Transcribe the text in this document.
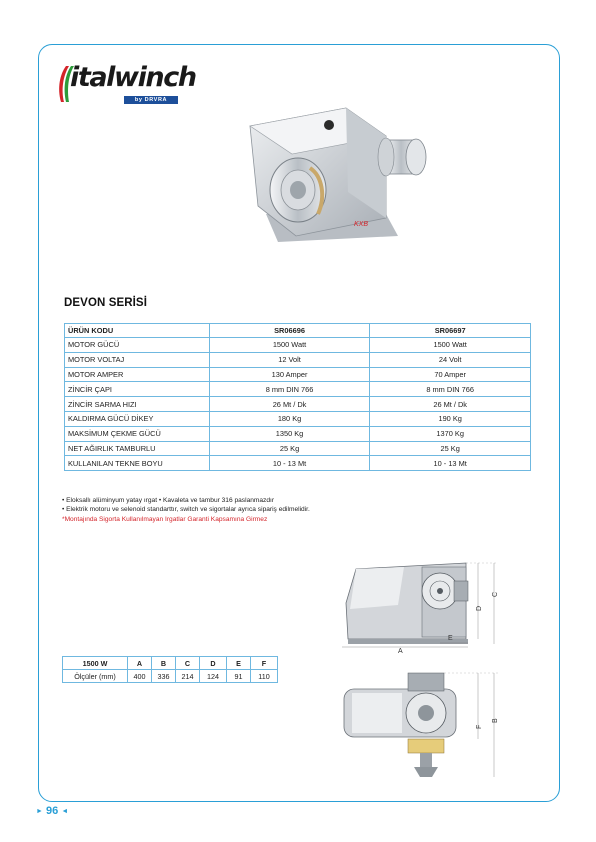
italwinch
by DRVRA
KXB
DEVON SERİSİ
ÜRÜN KODU	SR06696	SR06697
MOTOR GÜCÜ	1500 Watt	1500 Watt
MOTOR VOLTAJ	12 Volt	24 Volt
MOTOR AMPER	130 Amper	70 Amper
ZİNCİR ÇAPI	8 mm DIN 766	8 mm DIN 766
ZİNCİR SARMA HIZI	26 Mt / Dk	26 Mt / Dk
KALDIRMA GÜCÜ DİKEY	180 Kg	190 Kg
MAKSİMUM ÇEKME GÜCÜ	1350 Kg	1370 Kg
NET AĞIRLIK TAMBURLU	25 Kg	25 Kg
KULLANILAN TEKNE BOYU	10 - 13 Mt	10 - 13 Mt
• Eloksallı alüminyum yatay ırgat • Kavaleta ve tambur 316 paslanmazdır
• Elektrik motoru ve selenoid standarttır, switch ve sigortalar ayrıca sipariş edilmelidir.
*Montajında Sigorta Kullanılmayan Irgatlar Garanti Kapsamına Girmez
A
E
D
C
F
B
1500 W	A	B	C	D	E	F
Ölçüler (mm)	400	336	214	124	91	110
► 96 ◄
